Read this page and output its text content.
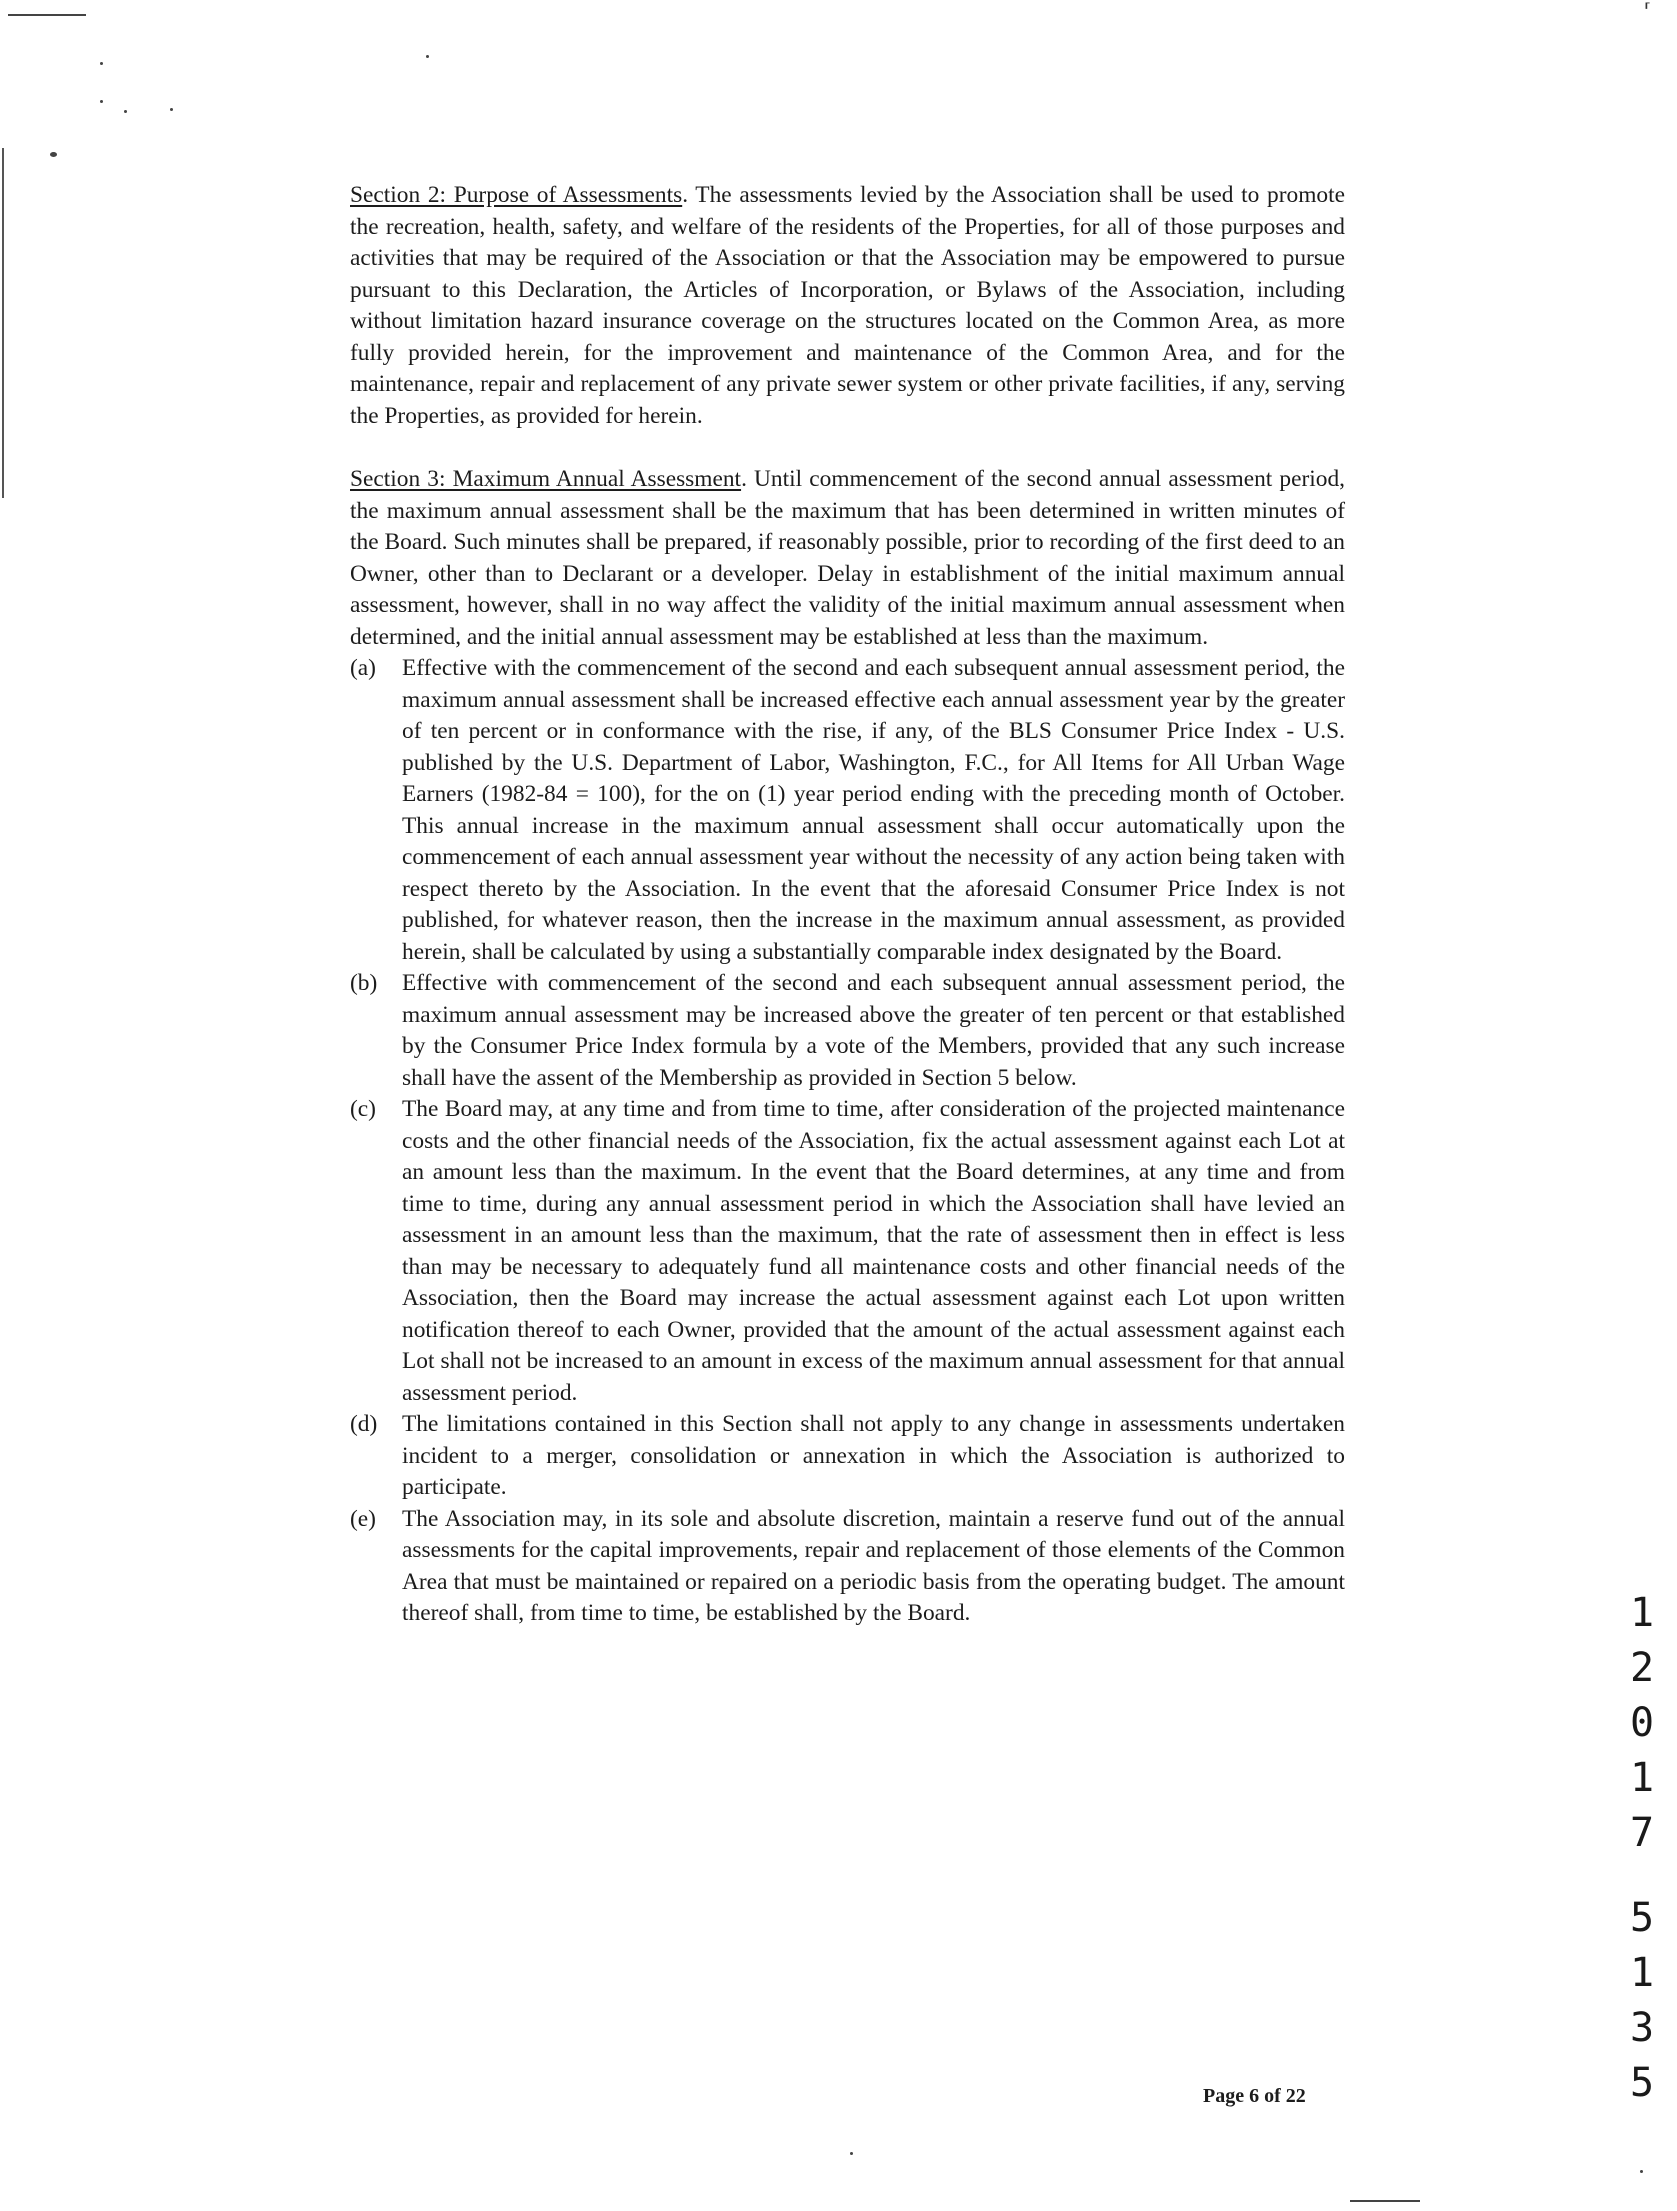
⸢

Section 2: Purpose of Assessments. The assessments levied by the Association shall be used to promote the recreation, health, safety, and welfare of the residents of the Properties, for all of those purposes and activities that may be required of the Association or that the Association may be empowered to pursue pursuant to this Declaration, the Articles of Incorporation, or Bylaws of the Association, including without limitation hazard insurance coverage on the structures located on the Common Area, as more fully provided herein, for the improvement and maintenance of the Common Area, and for the maintenance, repair and replacement of any private sewer system or other private facilities, if any, serving the Properties, as provided for herein.

Section 3: Maximum Annual Assessment. Until commencement of the second annual assessment period, the maximum annual assessment shall be the maximum that has been determined in written minutes of the Board. Such minutes shall be prepared, if reasonably possible, prior to recording of the first deed to an Owner, other than to Declarant or a developer. Delay in establishment of the initial maximum annual assessment, however, shall in no way affect the validity of the initial maximum annual assessment when determined, and the initial annual assessment may be established at less than the maximum.

(a) Effective with the commencement of the second and each subsequent annual assessment period, the maximum annual assessment shall be increased effective each annual assessment year by the greater of ten percent or in conformance with the rise, if any, of the BLS Consumer Price Index - U.S. published by the U.S. Department of Labor, Washington, F.C., for All Items for All Urban Wage Earners (1982-84 = 100), for the on (1) year period ending with the preceding month of October. This annual increase in the maximum annual assessment shall occur automatically upon the commencement of each annual assessment year without the necessity of any action being taken with respect thereto by the Association. In the event that the aforesaid Consumer Price Index is not published, for whatever reason, then the increase in the maximum annual assessment, as provided herein, shall be calculated by using a substantially comparable index designated by the Board.
(b) Effective with commencement of the second and each subsequent annual assessment period, the maximum annual assessment may be increased above the greater of ten percent or that established by the Consumer Price Index formula by a vote of the Members, provided that any such increase shall have the assent of the Membership as provided in Section 5 below.
(c) The Board may, at any time and from time to time, after consideration of the projected maintenance costs and the other financial needs of the Association, fix the actual assessment against each Lot at an amount less than the maximum. In the event that the Board determines, at any time and from time to time, during any annual assessment period in which the Association shall have levied an assessment in an amount less than the maximum, that the rate of assessment then in effect is less than may be necessary to adequately fund all maintenance costs and other financial needs of the Association, then the Board may increase the actual assessment against each Lot upon written notification thereof to each Owner, provided that the amount of the actual assessment against each Lot shall not be increased to an amount in excess of the maximum annual assessment for that annual assessment period.
(d) The limitations contained in this Section shall not apply to any change in assessments undertaken incident to a merger, consolidation or annexation in which the Association is authorized to participate.
(e) The Association may, in its sole and absolute discretion, maintain a reserve fund out of the annual assessments for the capital improvements, repair and replacement of those elements of the Common Area that must be maintained or repaired on a periodic basis from the operating budget. The amount thereof shall, from time to time, be established by the Board.	1
2
0
1
7
5
1
3
5
Page 6 of 22
